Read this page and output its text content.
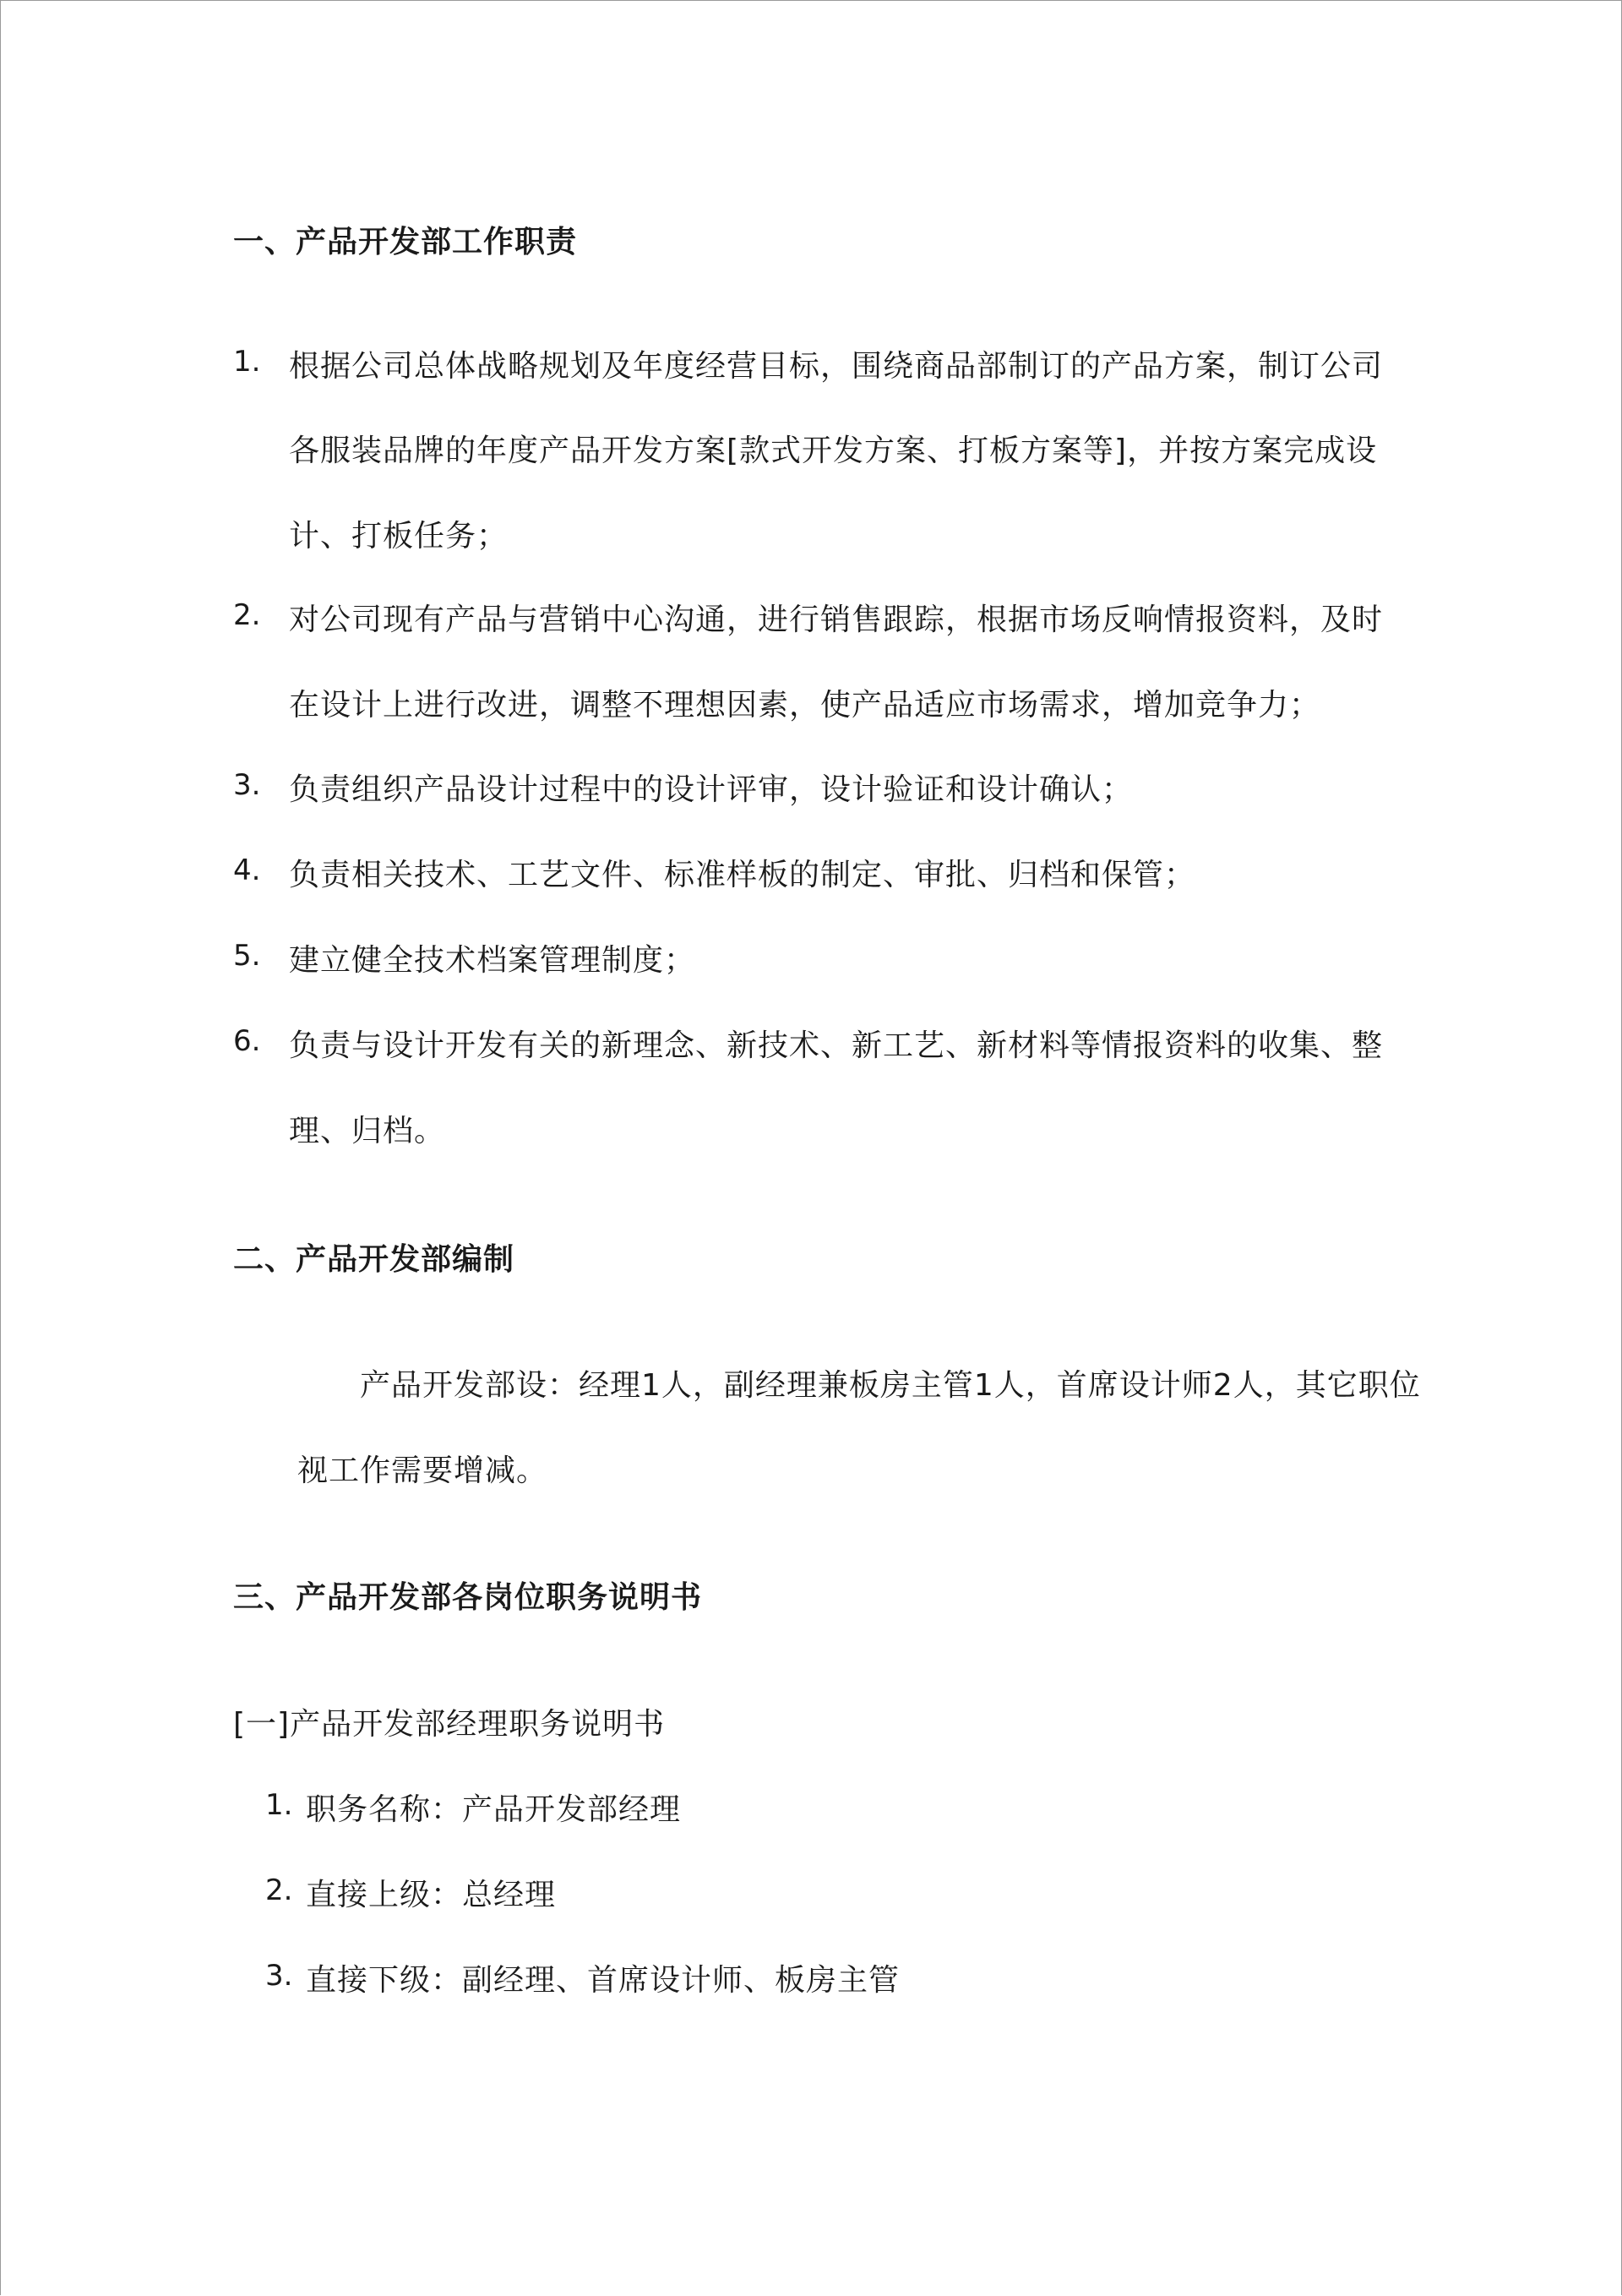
一、产品开发部工作职责
1. 根据公司总体战略规划及年度经营目标，围绕商品部制订的产品方案，制订公司
各服装品牌的年度产品开发方案[款式开发方案、打板方案等]，并按方案完成设
计、打板任务；
2. 对公司现有产品与营销中心沟通，进行销售跟踪，根据市场反响情报资料，及时
在设计上进行改进，调整不理想因素，使产品适应市场需求，增加竞争力；
3. 负责组织产品设计过程中的设计评审，设计验证和设计确认；
4. 负责相关技术、工艺文件、标准样板的制定、审批、归档和保管；
5. 建立健全技术档案管理制度；
6. 负责与设计开发有关的新理念、新技术、新工艺、新材料等情报资料的收集、整
理、归档。
二、产品开发部编制
产品开发部设：经理1人，副经理兼板房主管1人，首席设计师2人，其它职位
视工作需要增减。
三、产品开发部各岗位职务说明书
[一]产品开发部经理职务说明书
1. 职务名称：产品开发部经理
2. 直接上级：总经理
3. 直接下级：副经理、首席设计师、板房主管
